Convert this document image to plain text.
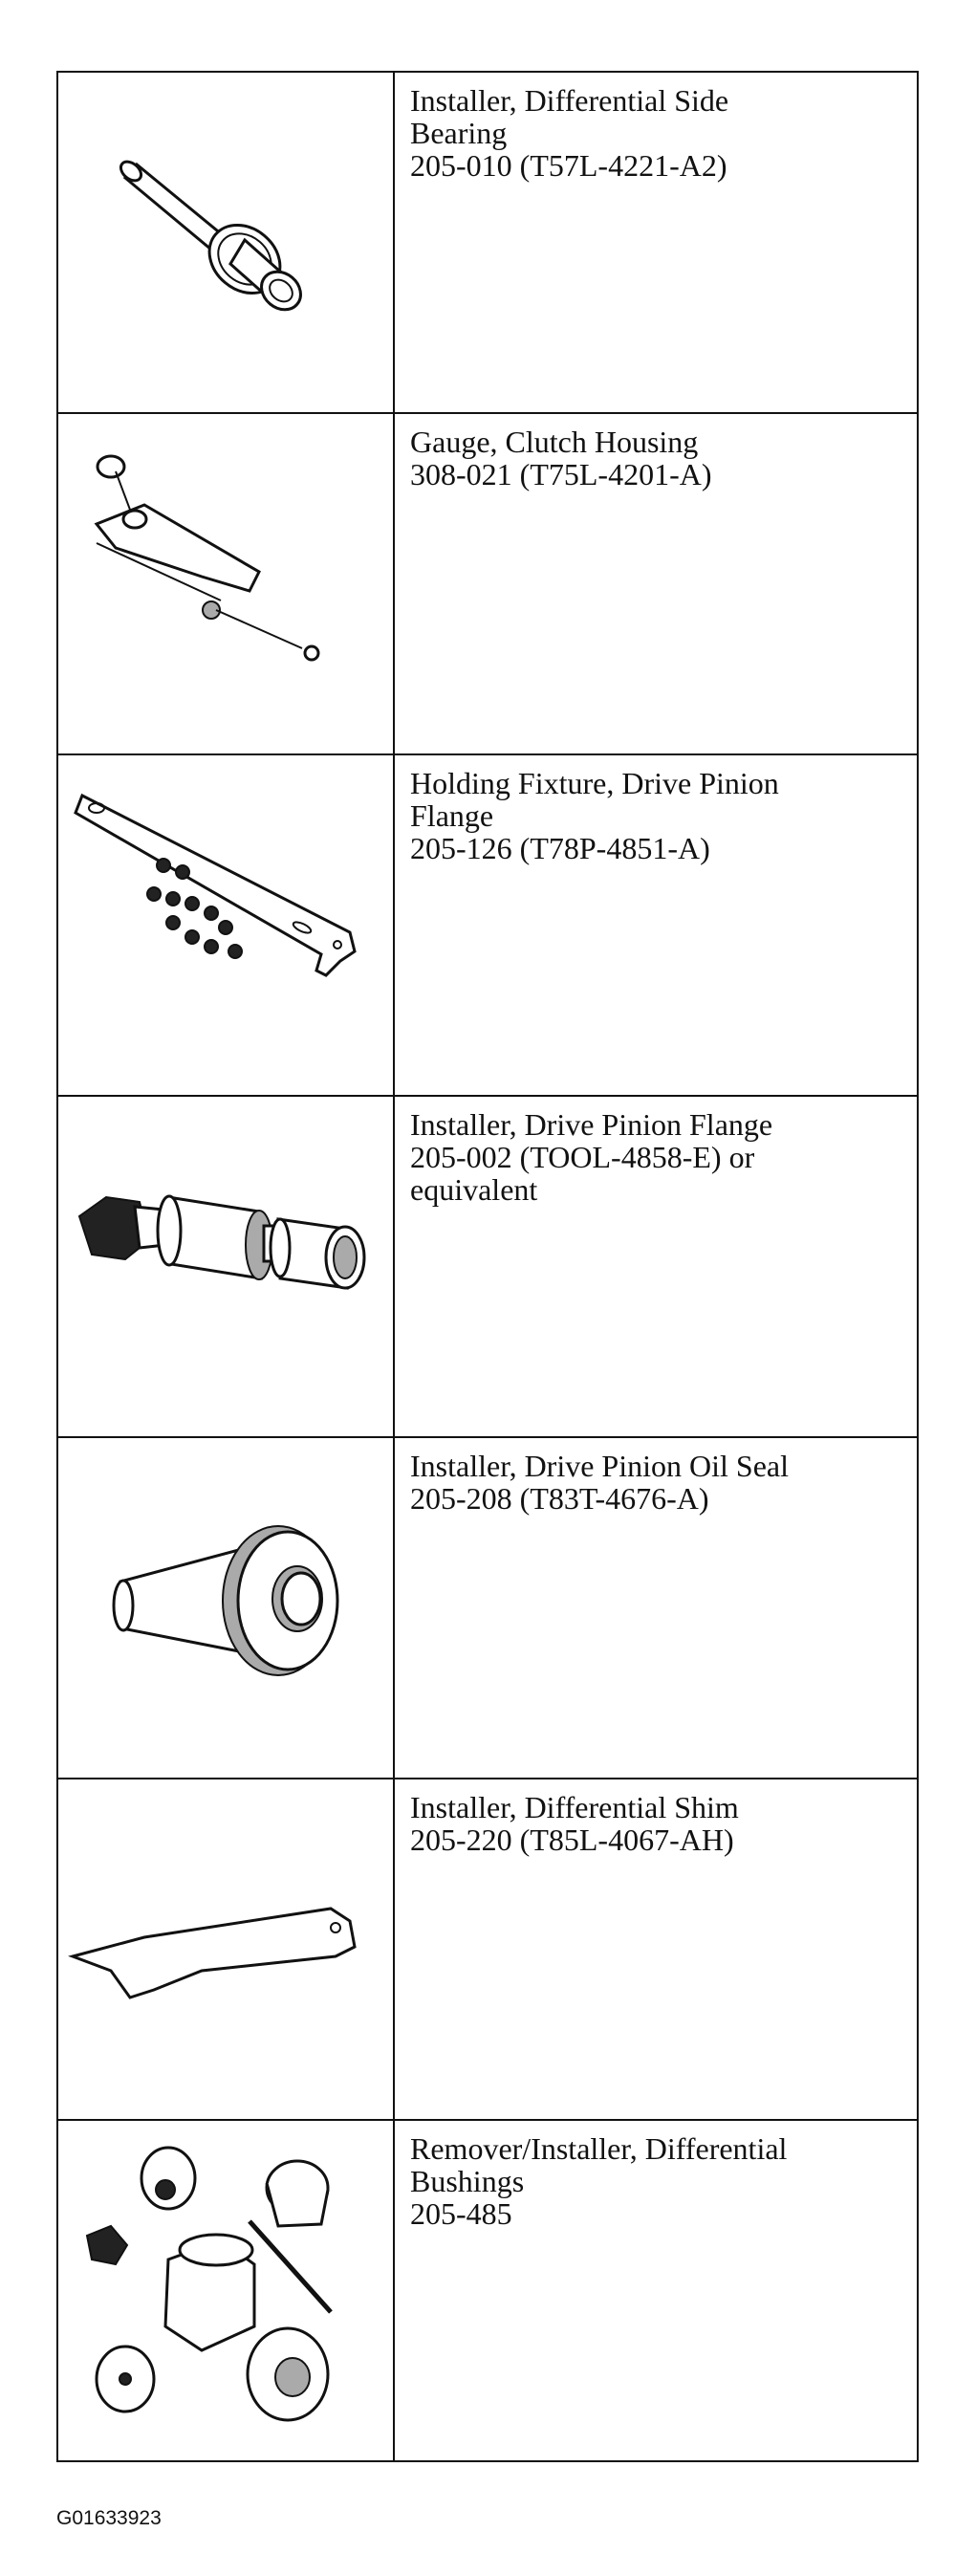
Installer, Differential Side
Bearing
205-010 (T57L-4221-A2)

Gauge, Clutch Housing
308-021 (T75L-4201-A)

Holding Fixture, Drive Pinion
Flange
205-126 (T78P-4851-A)

Installer, Drive Pinion Flange
205-002 (TOOL-4858-E) or
equivalent

Installer, Drive Pinion Oil Seal
205-208 (T83T-4676-A)

Installer, Differential Shim
205-220 (T85L-4067-AH)

Remover/Installer, Differential
Bushings
205-485
G01633923
